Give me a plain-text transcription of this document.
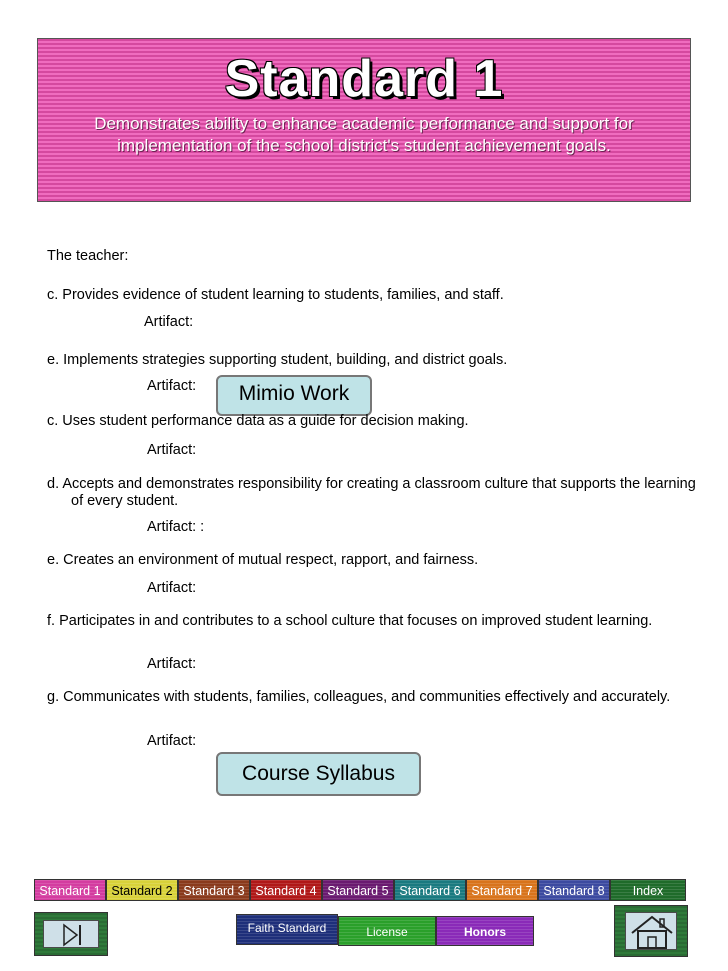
Standard 1
Demonstrates ability to enhance academic performance and support for implementation of the school district's student achievement goals.
The teacher:
c. Provides evidence of student learning to students, families, and staff.
Artifact:
e. Implements strategies supporting student, building, and district goals.
Artifact:	Mimio Work
c. Uses student performance data as a guide for decision making.
Artifact:
d. Accepts and demonstrates responsibility for creating a classroom culture that supports the learning of every student.
Artifact: :
e. Creates an environment of mutual respect, rapport, and fairness.
Artifact:
f. Participates in and contributes to a school culture that focuses on improved student learning.
Artifact:
g. Communicates with students, families, colleagues, and communities effectively and accurately.
Artifact:
Course Syllabus
Standard 1 Standard 2 Standard 3 Standard 4 Standard 5 Standard 6 Standard 7 Standard 8	Index
Faith Standard	License	Honors
